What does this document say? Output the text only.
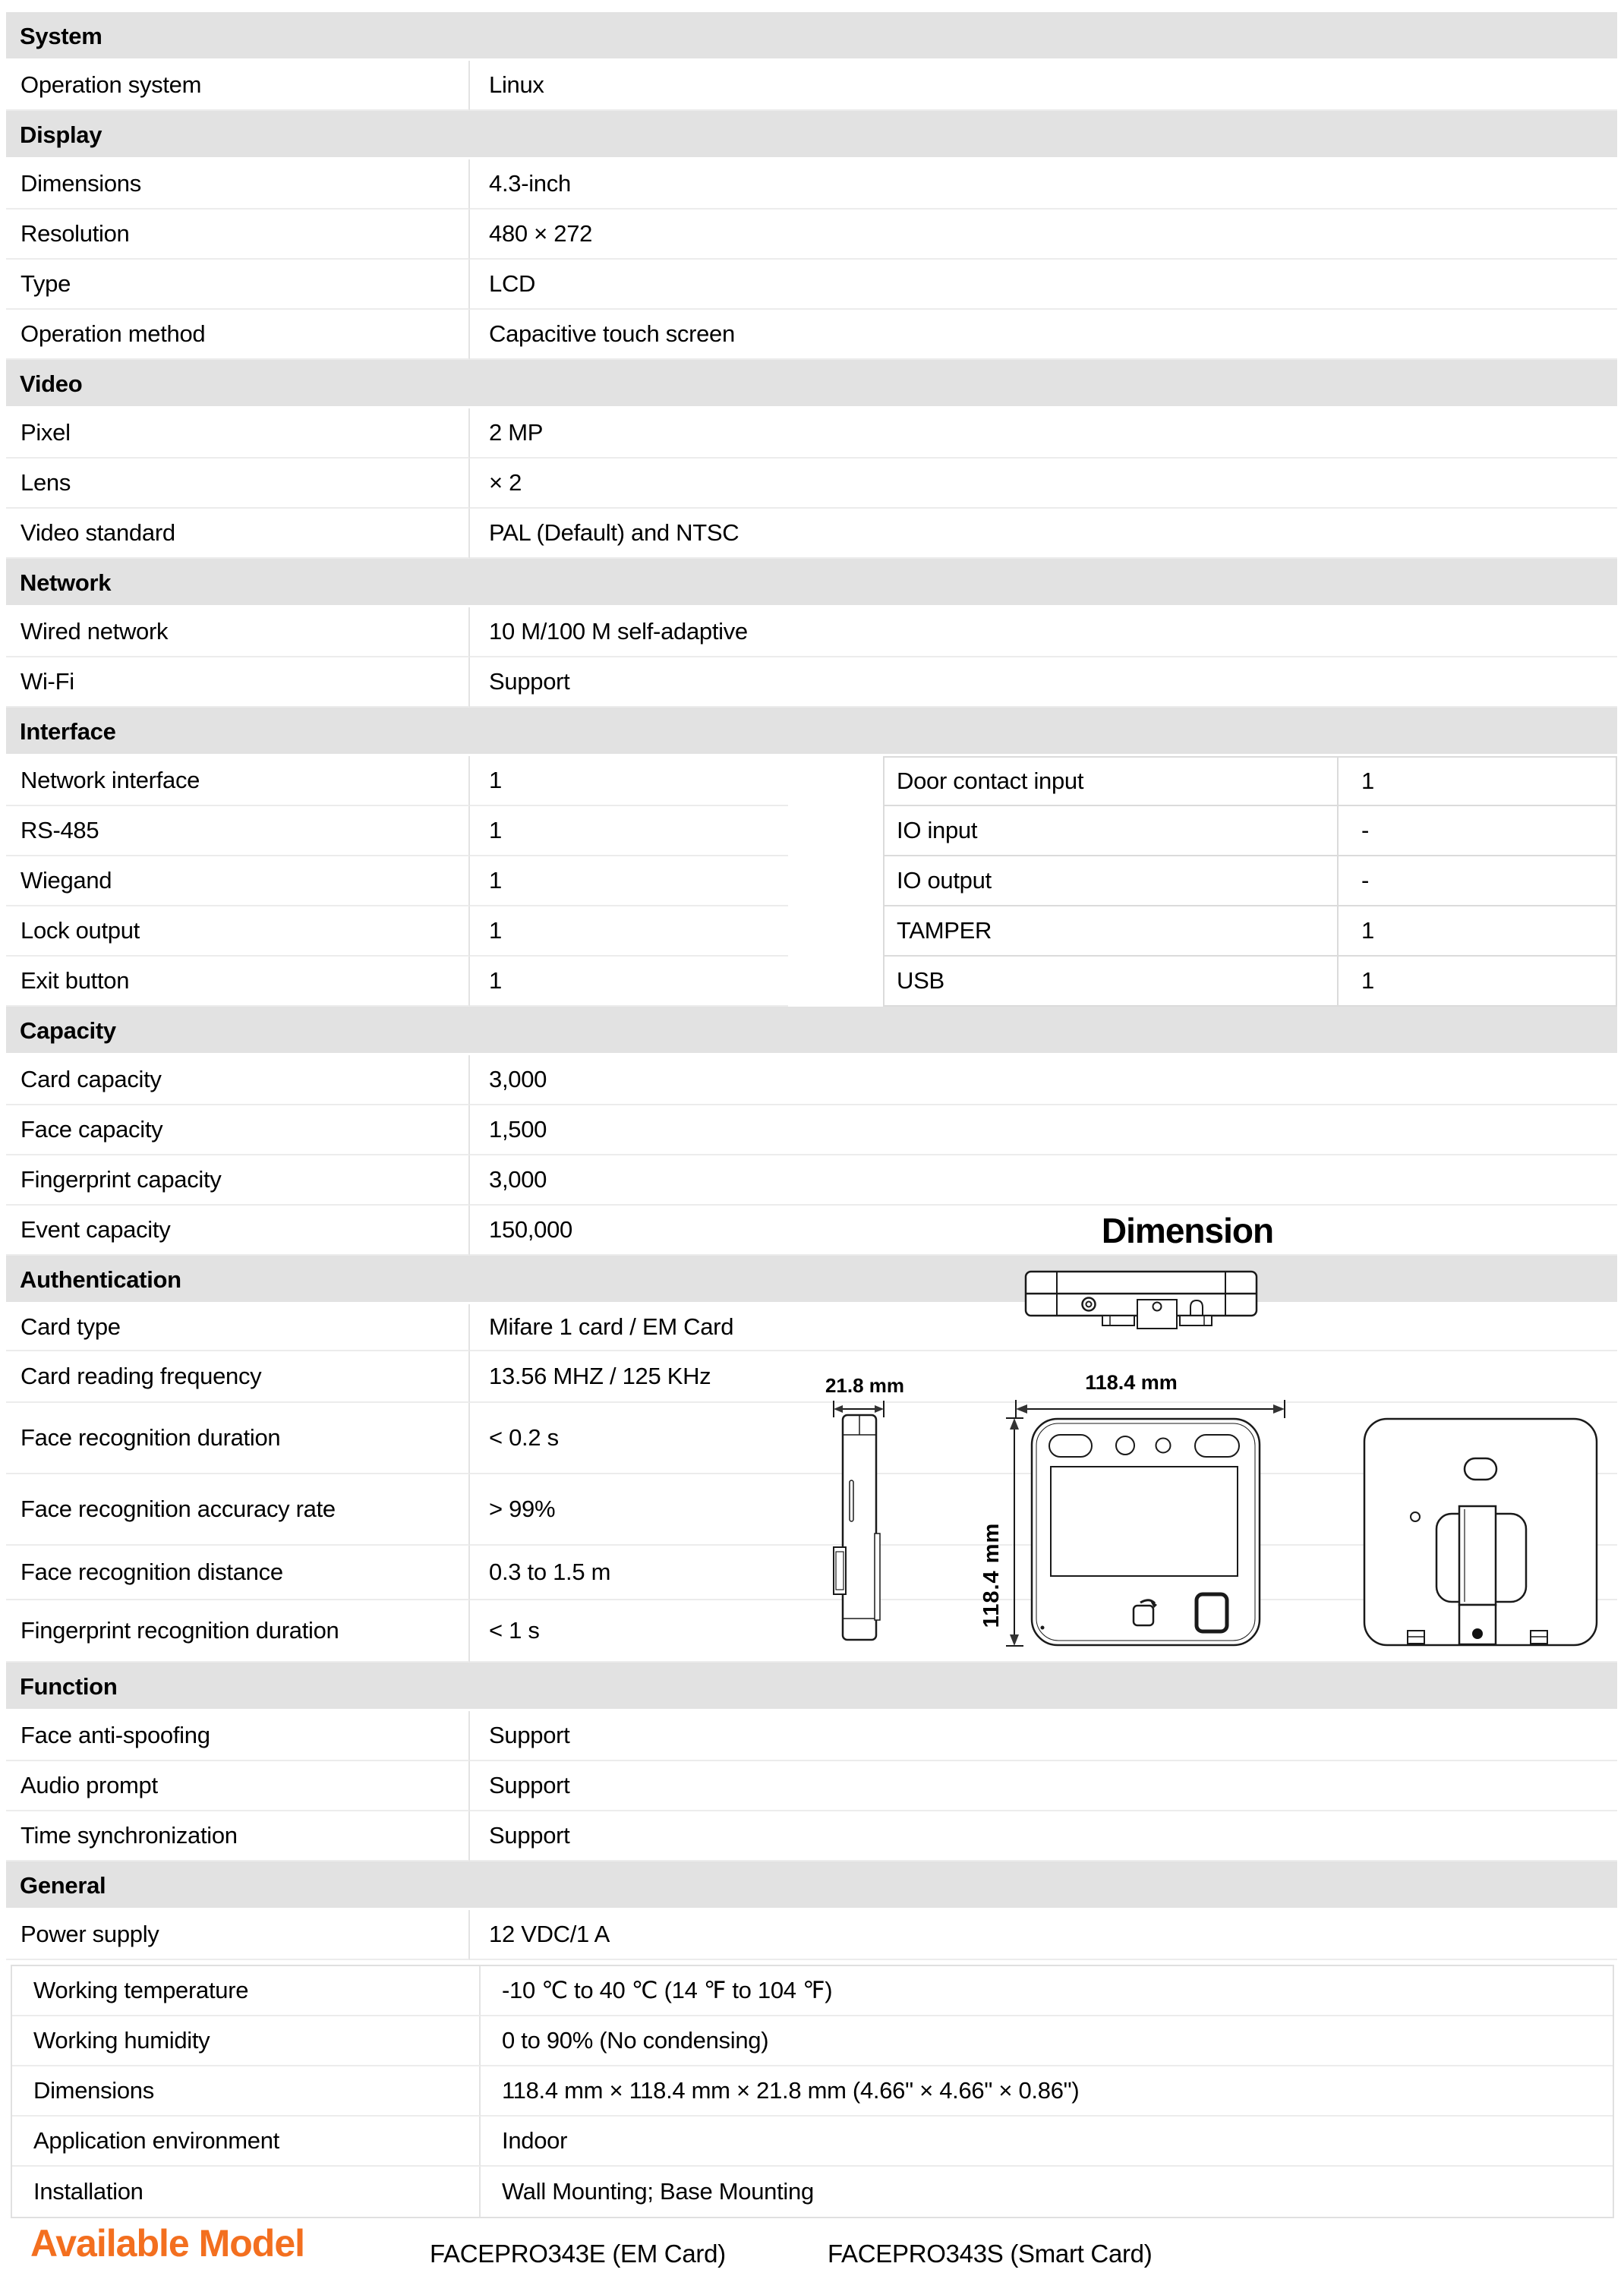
System
Operation system	Linux
Display
Dimensions	4.3-inch
Resolution	480 × 272
Type	LCD
Operation method	Capacitive touch screen
Video
Pixel	2 MP
Lens	× 2
Video standard	PAL (Default) and NTSC
Network
Wired network	10 M/100 M self-adaptive
Wi-Fi	Support
Interface
Network interface	1	Door contact input	1
RS-485	1	IO input	-
Wiegand	1	IO output	-
Lock output	1	TAMPER	1
Exit button	1	USB	1
Capacity
Card capacity	3,000
Face capacity	1,500
Fingerprint capacity	3,000
Event capacity	150,000
Authentication
Card type	Mifare 1 card / EM Card
Card reading frequency	13.56 MHZ / 125 KHz
Face recognition duration	< 0.2 s
Face recognition accuracy rate	> 99%
Face recognition distance	0.3 to 1.5 m
Fingerprint recognition duration	< 1 s
Function
Face anti-spoofing	Support
Audio prompt	Support
Time synchronization	Support
General
Power supply	12 VDC/1 A
Working temperature	-10 ℃ to 40 ℃ (14 ℉ to 104 ℉)
Working humidity	0 to 90% (No condensing)
Dimensions	118.4 mm × 118.4 mm × 21.8 mm (4.66" × 4.66" × 0.86")
Application environment	Indoor
Installation	Wall Mounting; Base Mounting
Dimension
21.8 mm	118.4 mm
118.4 mm
Available Model	FACEPRO343E (EM Card)	FACEPRO343S (Smart Card)
